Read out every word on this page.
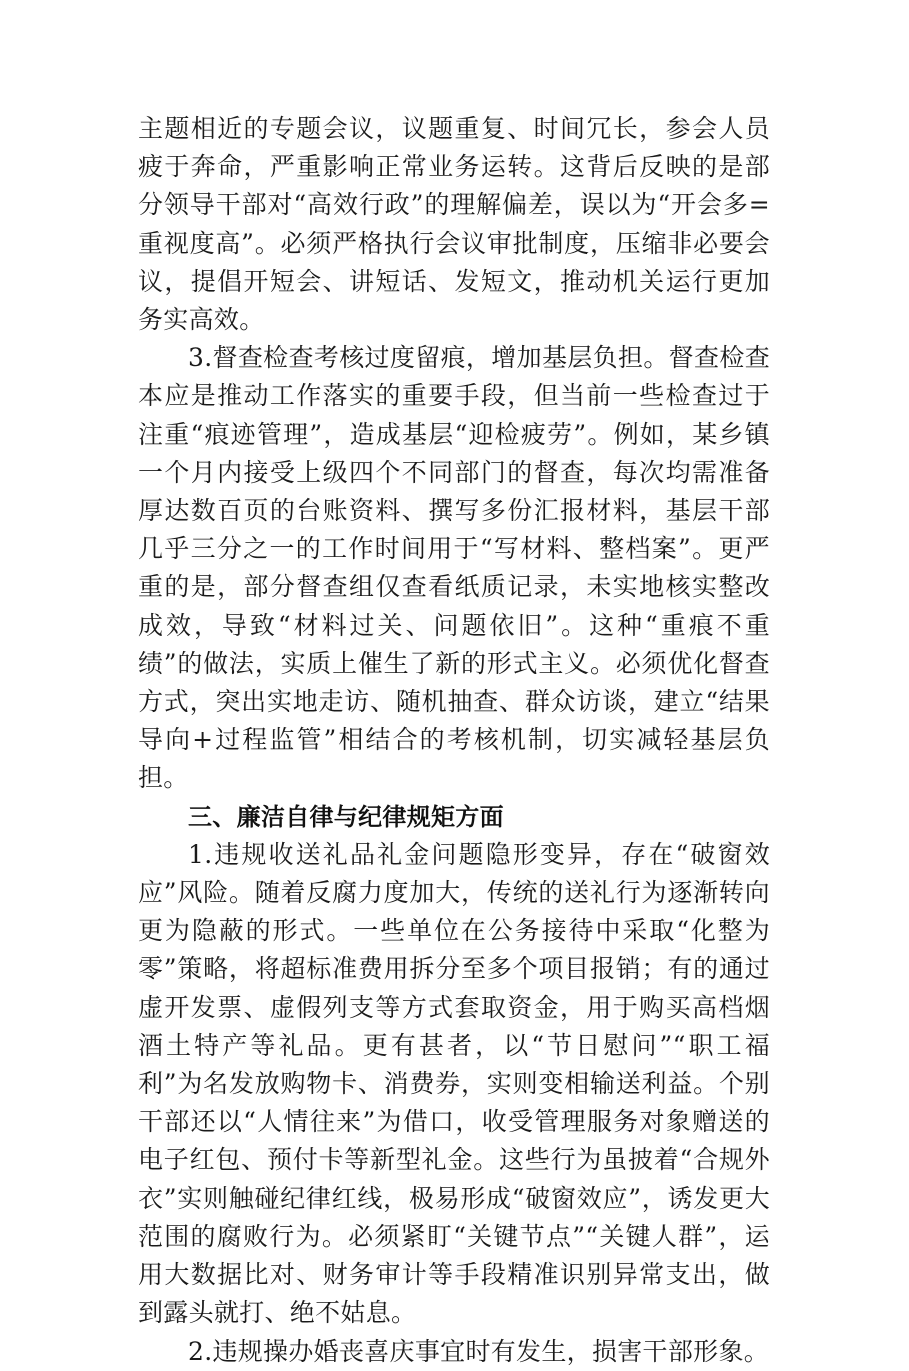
主题相近的专题会议，议题重复、时间冗长，参会人员疲于奔命，严重影响正常业务运转。这背后反映的是部分领导干部对“高效行政”的理解偏差，误以为“开会多=重视度高”。必须严格执行会议审批制度，压缩非必要会议，提倡开短会、讲短话、发短文，推动机关运行更加务实高效。

3.督查检查考核过度留痕，增加基层负担。督查检查本应是推动工作落实的重要手段，但当前一些检查过于注重“痕迹管理”，造成基层“迎检疲劳”。例如，某乡镇一个月内接受上级四个不同部门的督查，每次均需准备厚达数百页的台账资料、撰写多份汇报材料，基层干部几乎三分之一的工作时间用于“写材料、整档案”。更严重的是，部分督查组仅查看纸质记录，未实地核实整改成效，导致“材料过关、问题依旧”。这种“重痕不重绩”的做法，实质上催生了新的形式主义。必须优化督查方式，突出实地走访、随机抽查、群众访谈，建立“结果导向+过程监管”相结合的考核机制，切实减轻基层负担。

三、廉洁自律与纪律规矩方面

1.违规收送礼品礼金问题隐形变异，存在“破窗效应”风险。随着反腐力度加大，传统的送礼行为逐渐转向更为隐蔽的形式。一些单位在公务接待中采取“化整为零”策略，将超标准费用拆分至多个项目报销；有的通过虚开发票、虚假列支等方式套取资金，用于购买高档烟酒土特产等礼品。更有甚者，以“节日慰问”“职工福利”为名发放购物卡、消费券，实则变相输送利益。个别干部还以“人情往来”为借口，收受管理服务对象赠送的电子红包、预付卡等新型礼金。这些行为虽披着“合规外衣”实则触碰纪律红线，极易形成“破窗效应”，诱发更大范围的腐败行为。必须紧盯“关键节点”“关键人群”，运用大数据比对、财务审计等手段精准识别异常支出，做到露头就打、绝不姑息。

2.违规操办婚丧喜庆事宜时有发生，损害干部形象。
